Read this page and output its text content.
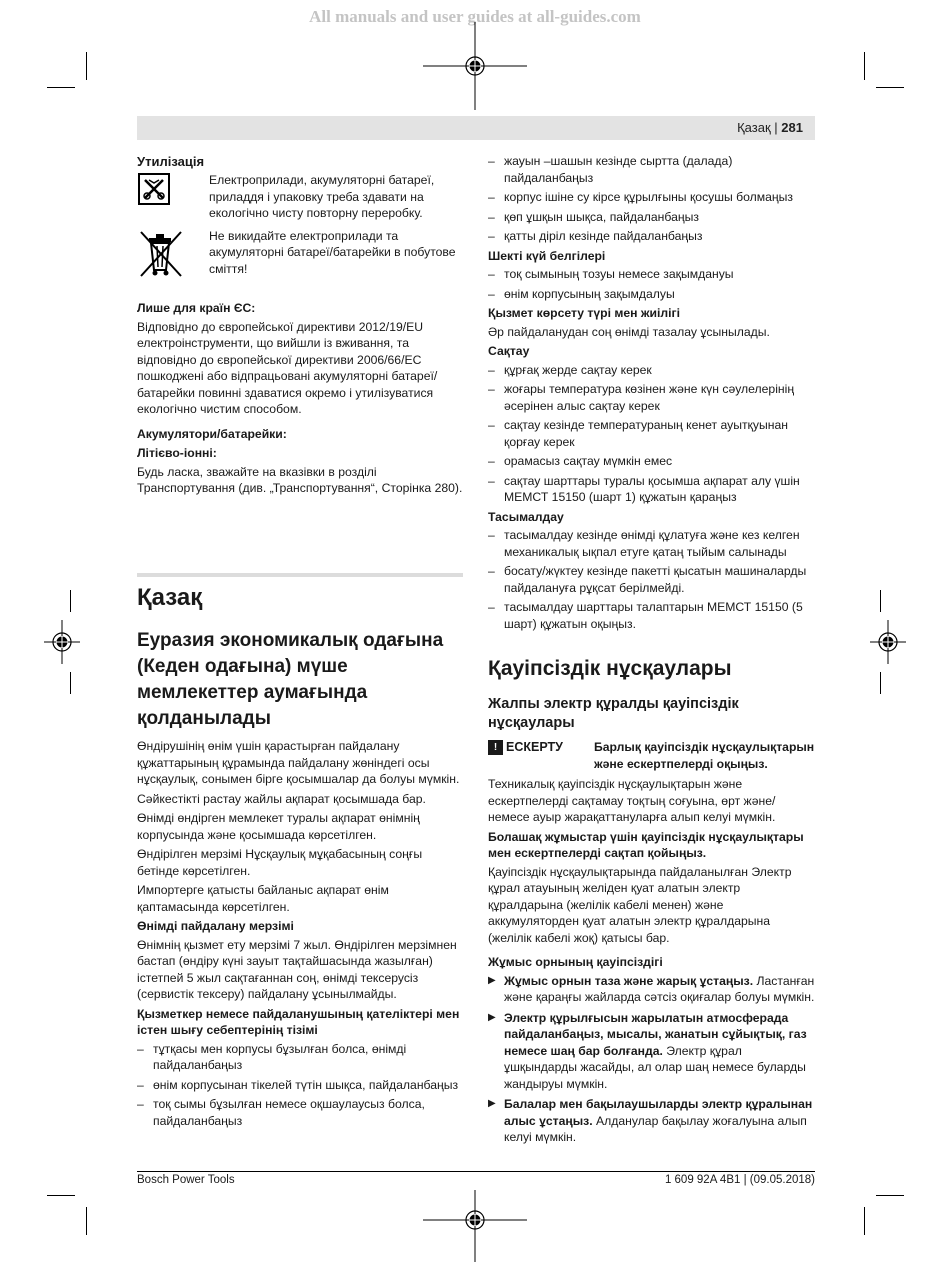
All manuals and user guides at all-guides.com
Қазақ | 281
Утилізація

Електроприлади, акумуляторні батареї, приладдя і упаковку треба здавати на екологічно чисту повторну переробку.

Не викидайте електроприлади та акумуляторні батареї/батарейки в побутове сміття!

Лише для країн ЄС:

Відповідно до європейської директиви 2012/19/EU електроінструменти, що вийшли із вживання, та відповідно до європейської директиви 2006/66/EC пошкоджені або відпрацьовані акумуляторні батареї/батарейки повинні здаватися окремо і утилізуватися екологічно чистим способом.

Акумулятори/батарейки:
Літієво-іонні:

Будь ласка, зважайте на вказівки в розділі Транспортування (див. „Транспортування“, Сторінка 280).

Қазақ
Еуразия экономикалық одағына (Кеден одағына) мүше мемлекеттер аумағында қолданылады

Өндірушінің өнім үшін қарастырған пайдалану құжаттарының құрамында пайдалану жөніндегі осы нұсқаулық, сонымен бірге қосымшалар да болуы мүмкін.

Сәйкестікті растау жайлы ақпарат қосымшада бар.

Өнімді өндірген мемлекет туралы ақпарат өнімнің корпусында және қосымшада көрсетілген.

Өндірілген мерзімі Нұсқаулық мұқабасының соңғы бетінде көрсетілген.

Импортерге қатысты байланыс ақпарат өнім қаптамасында көрсетілген.

Өнімді пайдалану мерзімі

Өнімнің қызмет ету мерзімі 7 жыл. Өндірілген мерзімнен бастап (өндіру күні зауыт тақтайшасында жазылған) істетпей 5 жыл сақтағаннан соң, өнімді тексерусіз (сервистік тексеру) пайдалану ұсынылмайды.

Қызметкер немесе пайдаланушының қателіктері мен істен шығу себептерінің тізімі
– тұтқасы мен корпусы бұзылған болса, өнімді пайдаланбаңыз
– өнім корпусынан тікелей түтін шықса, пайдаланбаңыз
– тоқ сымы бұзылған немесе оқшаулаусыз болса, пайдаланбаңыз
– жауын –шашын кезінде сыртта (далада) пайдаланбаңыз
– корпус ішіне су кірсе құрылғыны қосушы болмаңыз
– қөп ұшқын шықса, пайдаланбаңыз
– қатты діріл кезінде пайдаланбаңыз
Шекті күй белгілері
– тоқ сымының тозуы немесе зақымдануы
– өнім корпусының зақымдалуы
Қызмет көрсету түрі мен жиілігі

Әр пайдаланудан соң өнімді тазалау ұсынылады.

Сақтау
– құрғақ жерде сақтау керек
– жоғары температура көзінен және күн сәулелерінің әсерінен алыс сақтау керек
– сақтау кезінде температураның кенет ауытқуынан қорғау керек
– орамасыз сақтау мүмкін емес
– сақтау шарттары туралы қосымша ақпарат алу үшін МЕМСТ 15150 (шарт 1) құжатын қараңыз
Тасымалдау
– тасымалдау кезінде өнімді құлатуға және кез келген механикалық ықпал етуге қатаң тыйым салынады
– босату/жүктеу кезінде пакетті қысатын машиналарды пайдалануға рұқсат берілмейді.
– тасымалдау шарттары талаптарын МЕМСТ 15150 (5 шарт) құжатын оқыңыз.
Қауіпсіздік нұсқаулары
Жалпы электр құралды қауіпсіздік нұсқаулары
! ЕСКЕРТУ	Барлық қауіпсіздік нұсқаулықтарын және ескертпелерді оқыңыз.

Техникалық қауіпсіздік нұсқаулықтарын және ескертпелерді сақтамау тоқтың соғуына, өрт және/немесе ауыр жарақаттануларға алып келуі мүмкін.

Болашақ жұмыстар үшін қауіпсіздік нұсқаулықтары мен ескертпелерді сақтап қойыңыз.

Қауіпсіздік нұсқаулықтарында пайдаланылған Электр құрал атауының желіден қуат алатын электр құралдарына (желілік кабелі менен) және аккумуляторден қуат алатын электр құралдарына (желілік кабелі жоқ) қатысы бар.

Жұмыс орнының қауіпсіздігі
▶ Жұмыс орнын таза және жарық ұстаңыз. Ластанған және қараңғы жайларда сәтсіз оқиғалар болуы мүмкін.
▶ Электр құрылғысын жарылатын атмосферада пайдаланбаңыз, мысалы, жанатын сұйықтық, газ немесе шаң бар болғанда. Электр құрал ұшқындарды жасайды, ал олар шаң немесе буларды жандыруы мүмкін.
▶ Балалар мен бақылаушыларды электр құралынан алыс ұстаңыз. Алданулар бақылау жоғалуына алып келуі мүмкін.
Bosch Power Tools	1 609 92A 4B1 | (09.05.2018)
